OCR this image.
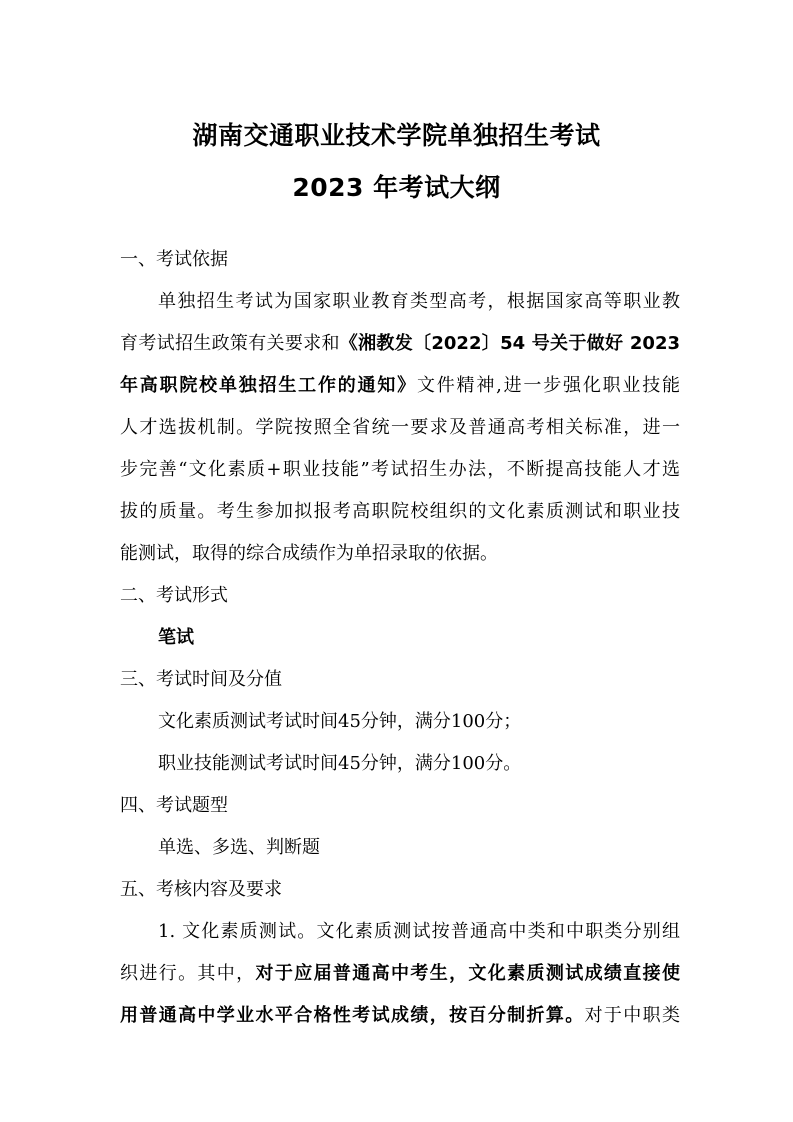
湖南交通职业技术学院单独招生考试
2023 年考试大纲
一、考试依据
单独招生考试为国家职业教育类型高考，根据国家高等职业教
育考试招生政策有关要求和《湘教发〔2022〕54 号关于做好 2023
年高职院校单独招生工作的通知》文件精神,进一步强化职业技能
人才选拔机制。学院按照全省统一要求及普通高考相关标准，进一
步完善“文化素质+职业技能”考试招生办法，不断提高技能人才选
拔的质量。考生参加拟报考高职院校组织的文化素质测试和职业技
能测试，取得的综合成绩作为单招录取的依据。
二、考试形式
笔试
三、考试时间及分值
文化素质测试考试时间45分钟，满分100分；
职业技能测试考试时间45分钟，满分100分。
四、考试题型
单选、多选、判断题
五、考核内容及要求
1. 文化素质测试。文化素质测试按普通高中类和中职类分别组
织进行。其中，对于应届普通高中考生，文化素质测试成绩直接使
用普通高中学业水平合格性考试成绩，按百分制折算。对于中职类
